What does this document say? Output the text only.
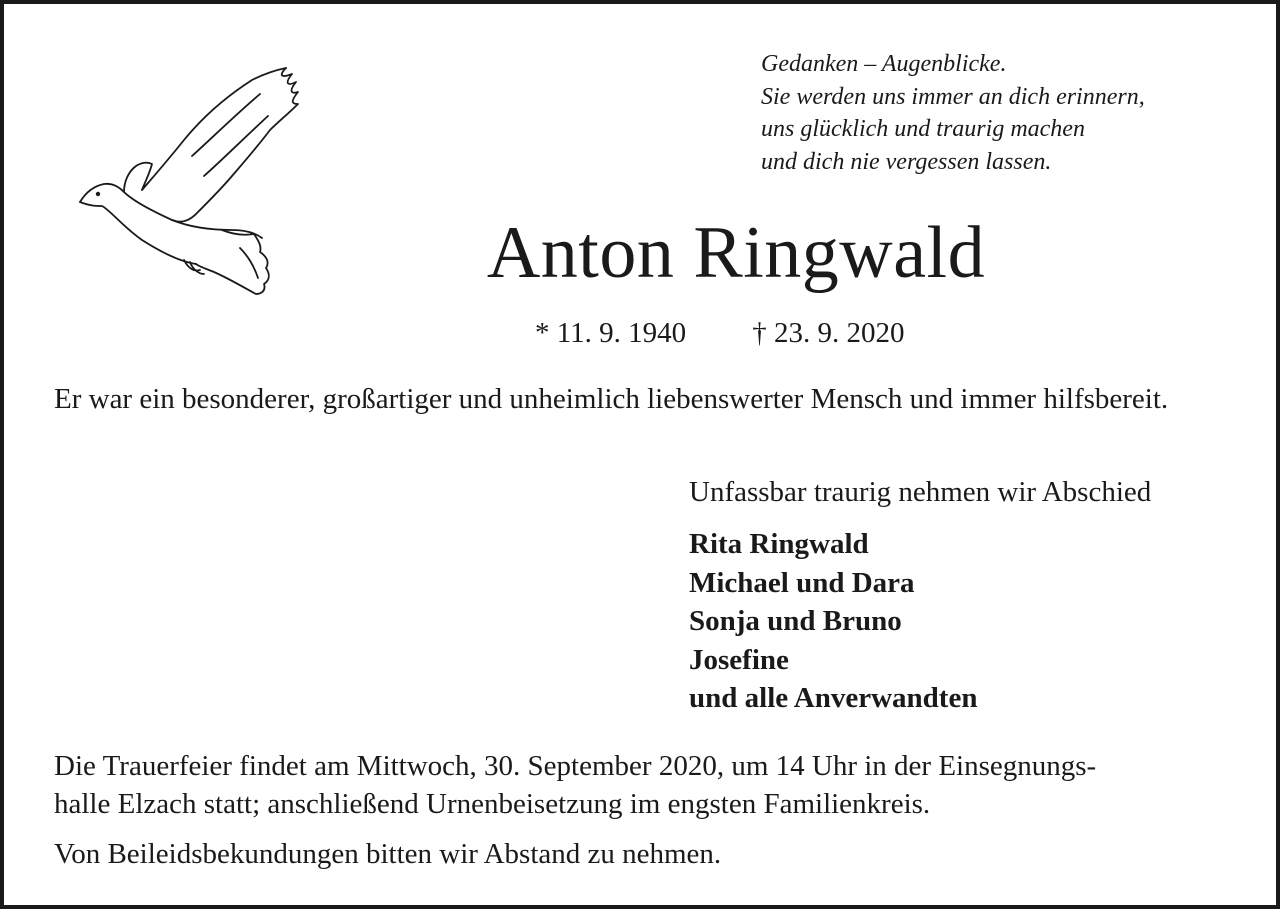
Gedanken – Augenblicke.
Sie werden uns immer an dich erinnern,
uns glücklich und traurig machen
und dich nie vergessen lassen.
Anton Ringwald
* 11. 9. 1940 † 23. 9. 2020
Er war ein besonderer, großartiger und unheimlich liebenswerter Mensch und immer hilfsbereit.
Unfassbar traurig nehmen wir Abschied
Rita Ringwald
Michael und Dara
Sonja und Bruno
Josefine
und alle Anverwandten
Die Trauerfeier findet am Mittwoch, 30. September 2020, um 14 Uhr in der Einsegnungs-
halle Elzach statt; anschließend Urnenbeisetzung im engsten Familienkreis.
Von Beileidsbekundungen bitten wir Abstand zu nehmen.
